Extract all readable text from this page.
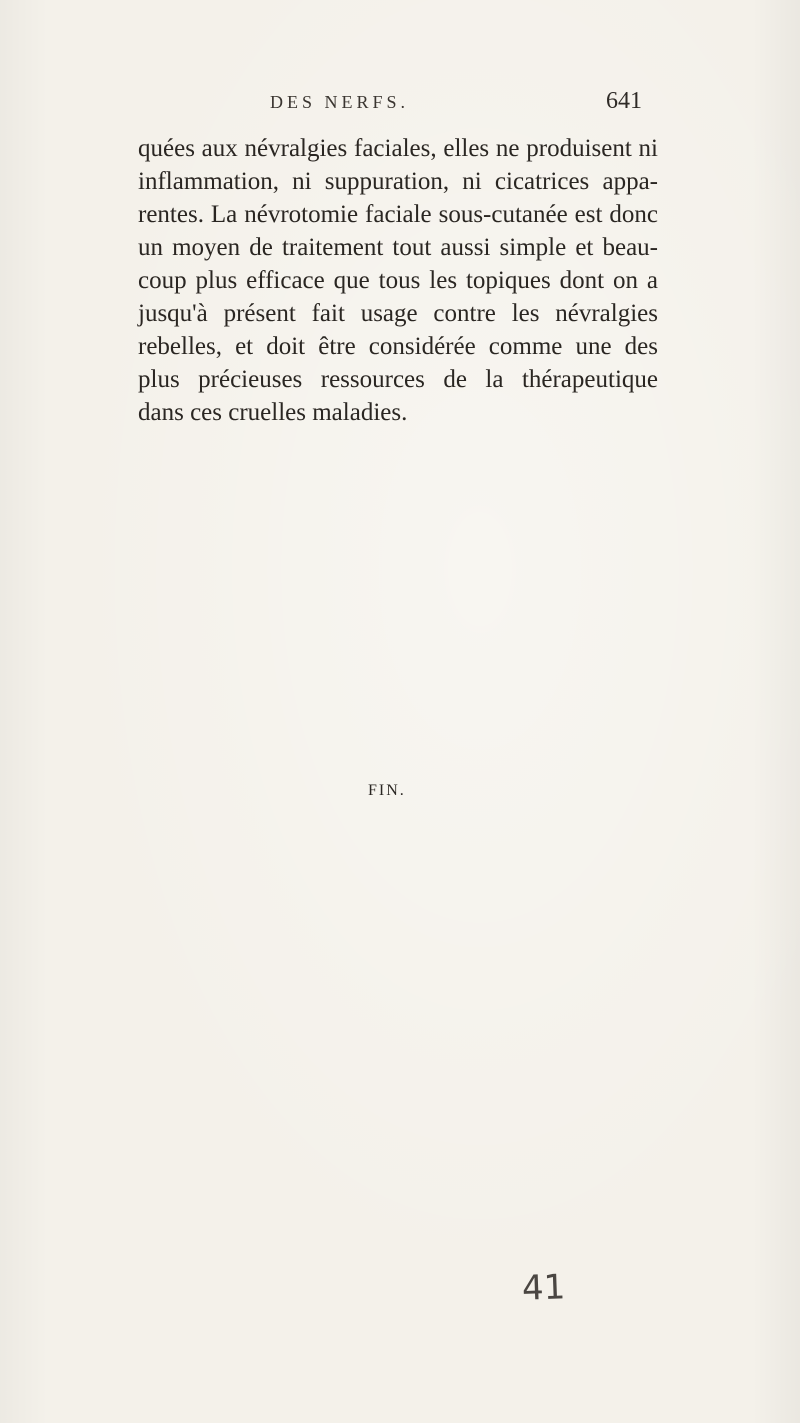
DES NERFS.	641
quées aux névralgies faciales, elles ne produisent ni
inflammation, ni suppuration, ni cicatrices appa-
rentes. La névrotomie faciale sous-cutanée est donc
un moyen de traitement tout aussi simple et beau-
coup plus efficace que tous les topiques dont on a
jusqu'à présent fait usage contre les névralgies
rebelles, et doit être considérée comme une des
plus précieuses ressources de la thérapeutique
dans ces cruelles maladies.
FIN.
41
